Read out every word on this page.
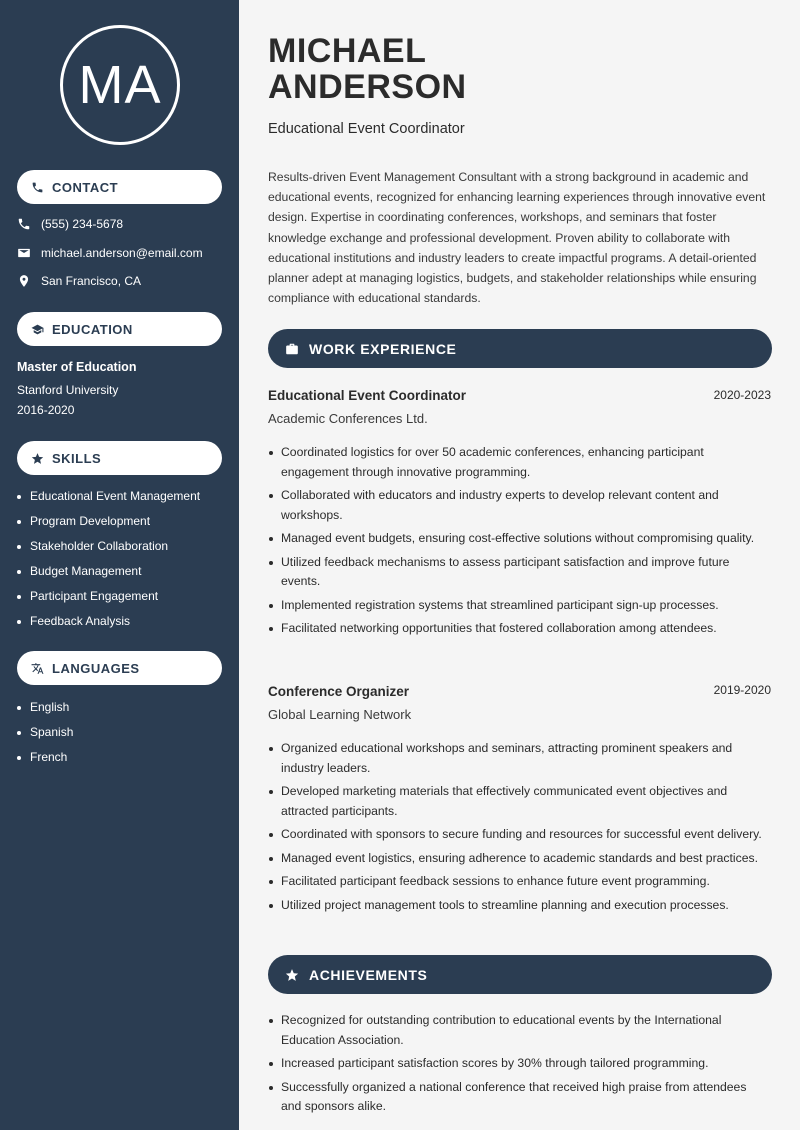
MA
CONTACT
(555) 234-5678
michael.anderson@email.com
San Francisco, CA
EDUCATION
Master of Education
Stanford University
2016-2020
SKILLS
Educational Event Management
Program Development
Stakeholder Collaboration
Budget Management
Participant Engagement
Feedback Analysis
LANGUAGES
English
Spanish
French
MICHAEL
ANDERSON
Educational Event Coordinator
Results-driven Event Management Consultant with a strong background in academic and educational events, recognized for enhancing learning experiences through innovative event design. Expertise in coordinating conferences, workshops, and seminars that foster knowledge exchange and professional development. Proven ability to collaborate with educational institutions and industry leaders to create impactful programs. A detail-oriented planner adept at managing logistics, budgets, and stakeholder relationships while ensuring compliance with educational standards.
WORK EXPERIENCE
Educational Event Coordinator	2020-2023
Academic Conferences Ltd.
Coordinated logistics for over 50 academic conferences, enhancing participant engagement through innovative programming.
Collaborated with educators and industry experts to develop relevant content and workshops.
Managed event budgets, ensuring cost-effective solutions without compromising quality.
Utilized feedback mechanisms to assess participant satisfaction and improve future events.
Implemented registration systems that streamlined participant sign-up processes.
Facilitated networking opportunities that fostered collaboration among attendees.
Conference Organizer	2019-2020
Global Learning Network
Organized educational workshops and seminars, attracting prominent speakers and industry leaders.
Developed marketing materials that effectively communicated event objectives and attracted participants.
Coordinated with sponsors to secure funding and resources for successful event delivery.
Managed event logistics, ensuring adherence to academic standards and best practices.
Facilitated participant feedback sessions to enhance future event programming.
Utilized project management tools to streamline planning and execution processes.
ACHIEVEMENTS
Recognized for outstanding contribution to educational events by the International Education Association.
Increased participant satisfaction scores by 30% through tailored programming.
Successfully organized a national conference that received high praise from attendees and sponsors alike.
